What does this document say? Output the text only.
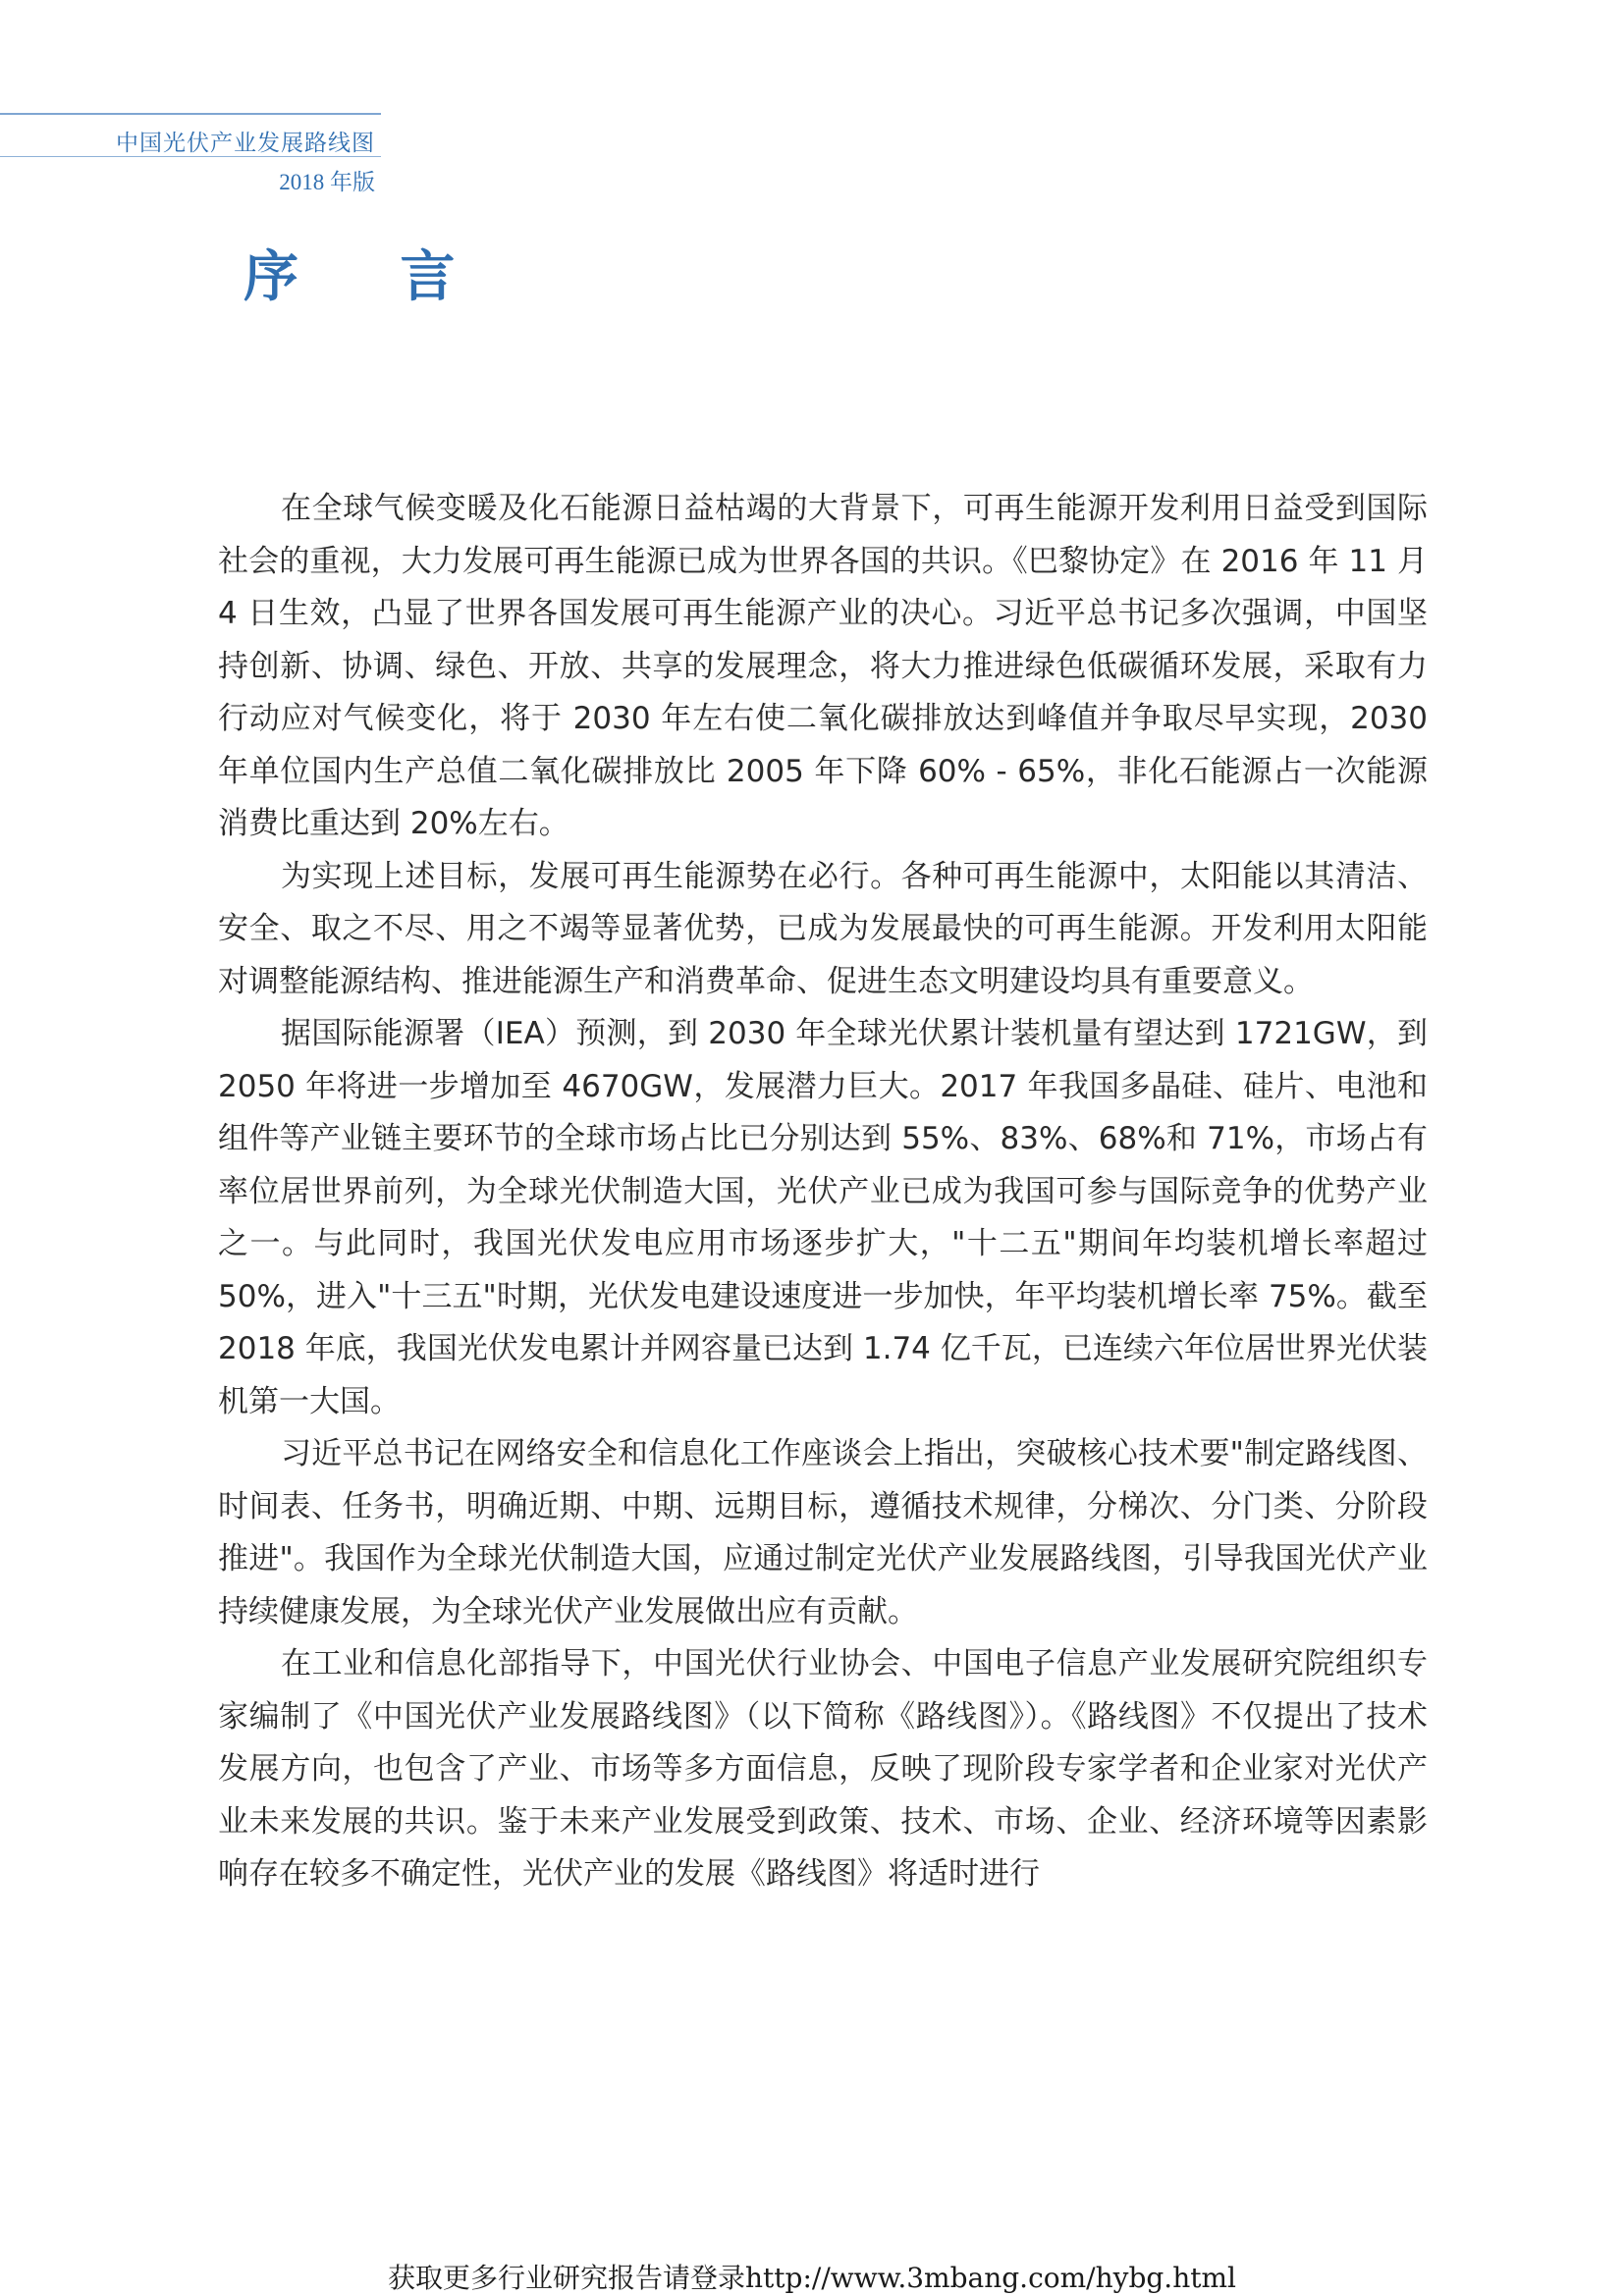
中国光伏产业发展路线图
2018 年版
序 言

在全球气候变暖及化石能源日益枯竭的大背景下，可再生能源开发利用日益受到国际社会的重视，大力发展可再生能源已成为世界各国的共识。《巴黎协定》在 2016 年 11 月 4 日生效，凸显了世界各国发展可再生能源产业的决心。习近平总书记多次强调，中国坚持创新、协调、绿色、开放、共享的发展理念，将大力推进绿色低碳循环发展，采取有力行动应对气候变化，将于 2030 年左右使二氧化碳排放达到峰值并争取尽早实现，2030 年单位国内生产总值二氧化碳排放比 2005 年下降 60% - 65%，非化石能源占一次能源消费比重达到 20%左右。

为实现上述目标，发展可再生能源势在必行。各种可再生能源中，太阳能以其清洁、安全、取之不尽、用之不竭等显著优势，已成为发展最快的可再生能源。开发利用太阳能对调整能源结构、推进能源生产和消费革命、促进生态文明建设均具有重要意义。

据国际能源署（IEA）预测，到 2030 年全球光伏累计装机量有望达到 1721GW，到 2050 年将进一步增加至 4670GW，发展潜力巨大。2017 年我国多晶硅、硅片、电池和组件等产业链主要环节的全球市场占比已分别达到 55%、83%、68%和 71%，市场占有率位居世界前列，为全球光伏制造大国，光伏产业已成为我国可参与国际竞争的优势产业之一。与此同时，我国光伏发电应用市场逐步扩大，"十二五"期间年均装机增长率超过 50%，进入"十三五"时期，光伏发电建设速度进一步加快，年平均装机增长率 75%。截至 2018 年底，我国光伏发电累计并网容量已达到 1.74 亿千瓦，已连续六年位居世界光伏装机第一大国。

习近平总书记在网络安全和信息化工作座谈会上指出，突破核心技术要"制定路线图、时间表、任务书，明确近期、中期、远期目标，遵循技术规律，分梯次、分门类、分阶段推进"。我国作为全球光伏制造大国，应通过制定光伏产业发展路线图，引导我国光伏产业持续健康发展，为全球光伏产业发展做出应有贡献。

在工业和信息化部指导下，中国光伏行业协会、中国电子信息产业发展研究院组织专家编制了《中国光伏产业发展路线图》（以下简称《路线图》）。《路线图》不仅提出了技术发展方向，也包含了产业、市场等多方面信息，反映了现阶段专家学者和企业家对光伏产业未来发展的共识。鉴于未来产业发展受到政策、技术、市场、企业、经济环境等因素影响存在较多不确定性，光伏产业的发展《路线图》将适时进行

获取更多行业研究报告请登录http://www.3mbang.com/hybg.html
